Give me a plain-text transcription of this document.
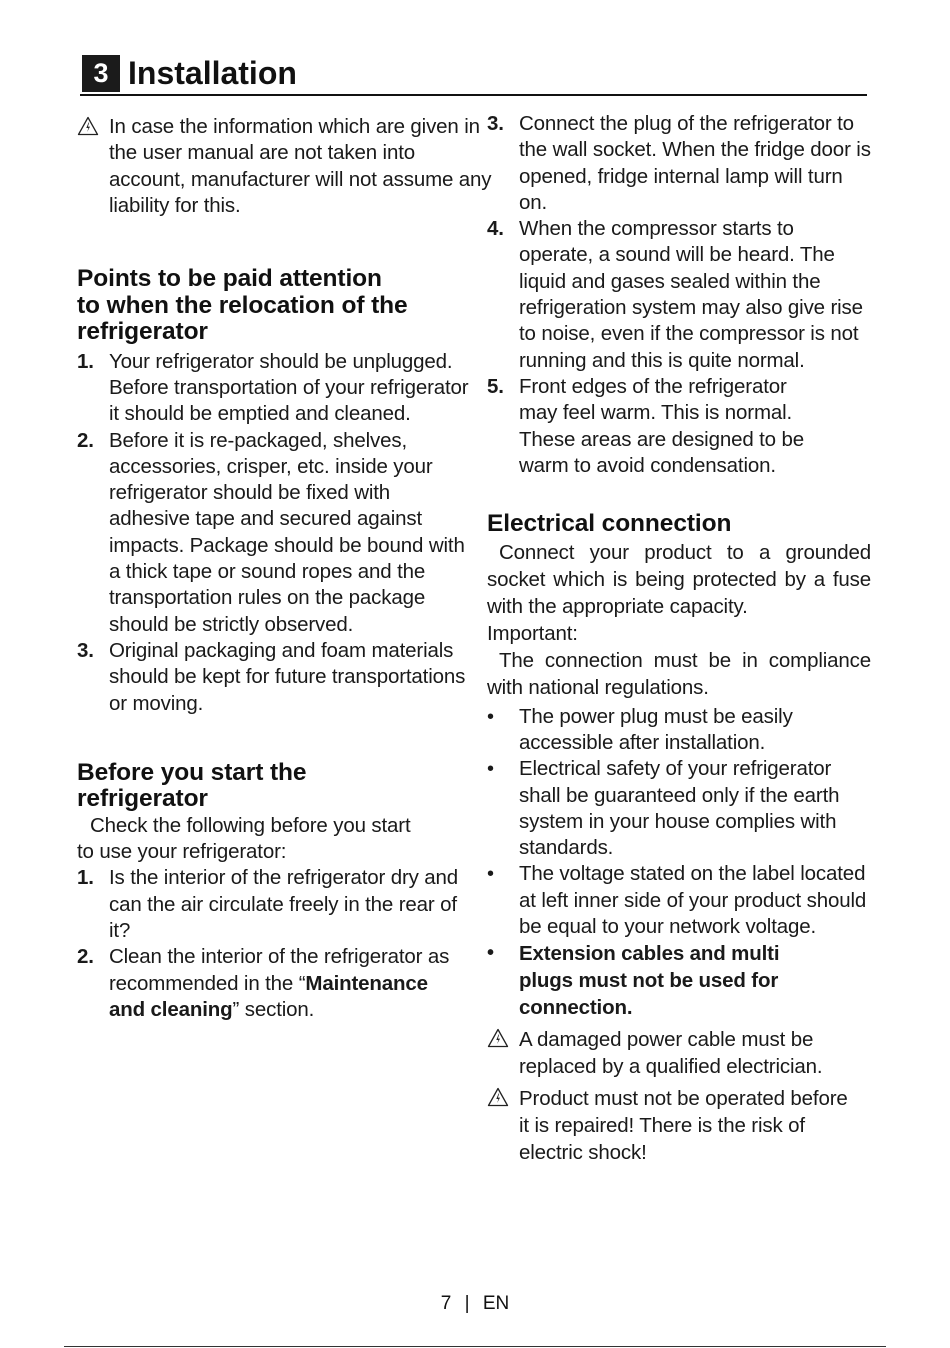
3 Installation
In case the information which are given in the user manual are not taken into account, manufacturer will not assume any liability for this.
Points to be paid attention
to when the relocation of the
refrigerator
1. Your refrigerator should be unplugged. Before transportation of your refrigerator it should be emptied and cleaned.
2. Before it is re-packaged, shelves, accessories, crisper, etc. inside your refrigerator should be fixed with adhesive tape and secured against impacts. Package should be bound with a thick tape or sound ropes and the transportation rules on the package should be strictly observed.
3. Original packaging and foam materials should be kept for future transportations or moving.
Before you start the
refrigerator

Check the following before you start to use your refrigerator:

1. Is the interior of the refrigerator dry and can the air circulate freely in the rear of it?
2. Clean the interior of the refrigerator as recommended in the “Maintenance and cleaning” section.
3. Connect the plug of the refrigerator to the wall socket. When the fridge door is opened, fridge internal lamp will turn on.
4. When the compressor starts to operate, a sound will be heard. The liquid and gases sealed within the refrigeration system may also give rise to noise, even if the compressor is not running and this is quite normal.
5. Front edges of the refrigerator may feel warm. This is normal. These areas are designed to be warm to avoid condensation.
Electrical connection

Connect your product to a grounded socket which is being protected by a fuse with the appropriate capacity.

Important:

The connection must be in compliance with national regulations.

• The power plug must be easily accessible after installation.
• Electrical safety of your refrigerator shall be guaranteed only if the earth system in your house complies with standards.
• The voltage stated on the label located at left inner side of your product should be equal to your network voltage.
• Extension cables and multi plugs must not be used for connection.
A damaged power cable must be replaced by a qualified electrician.
Product must not be operated before it is repaired! There is the risk of electric shock!
7 | EN
